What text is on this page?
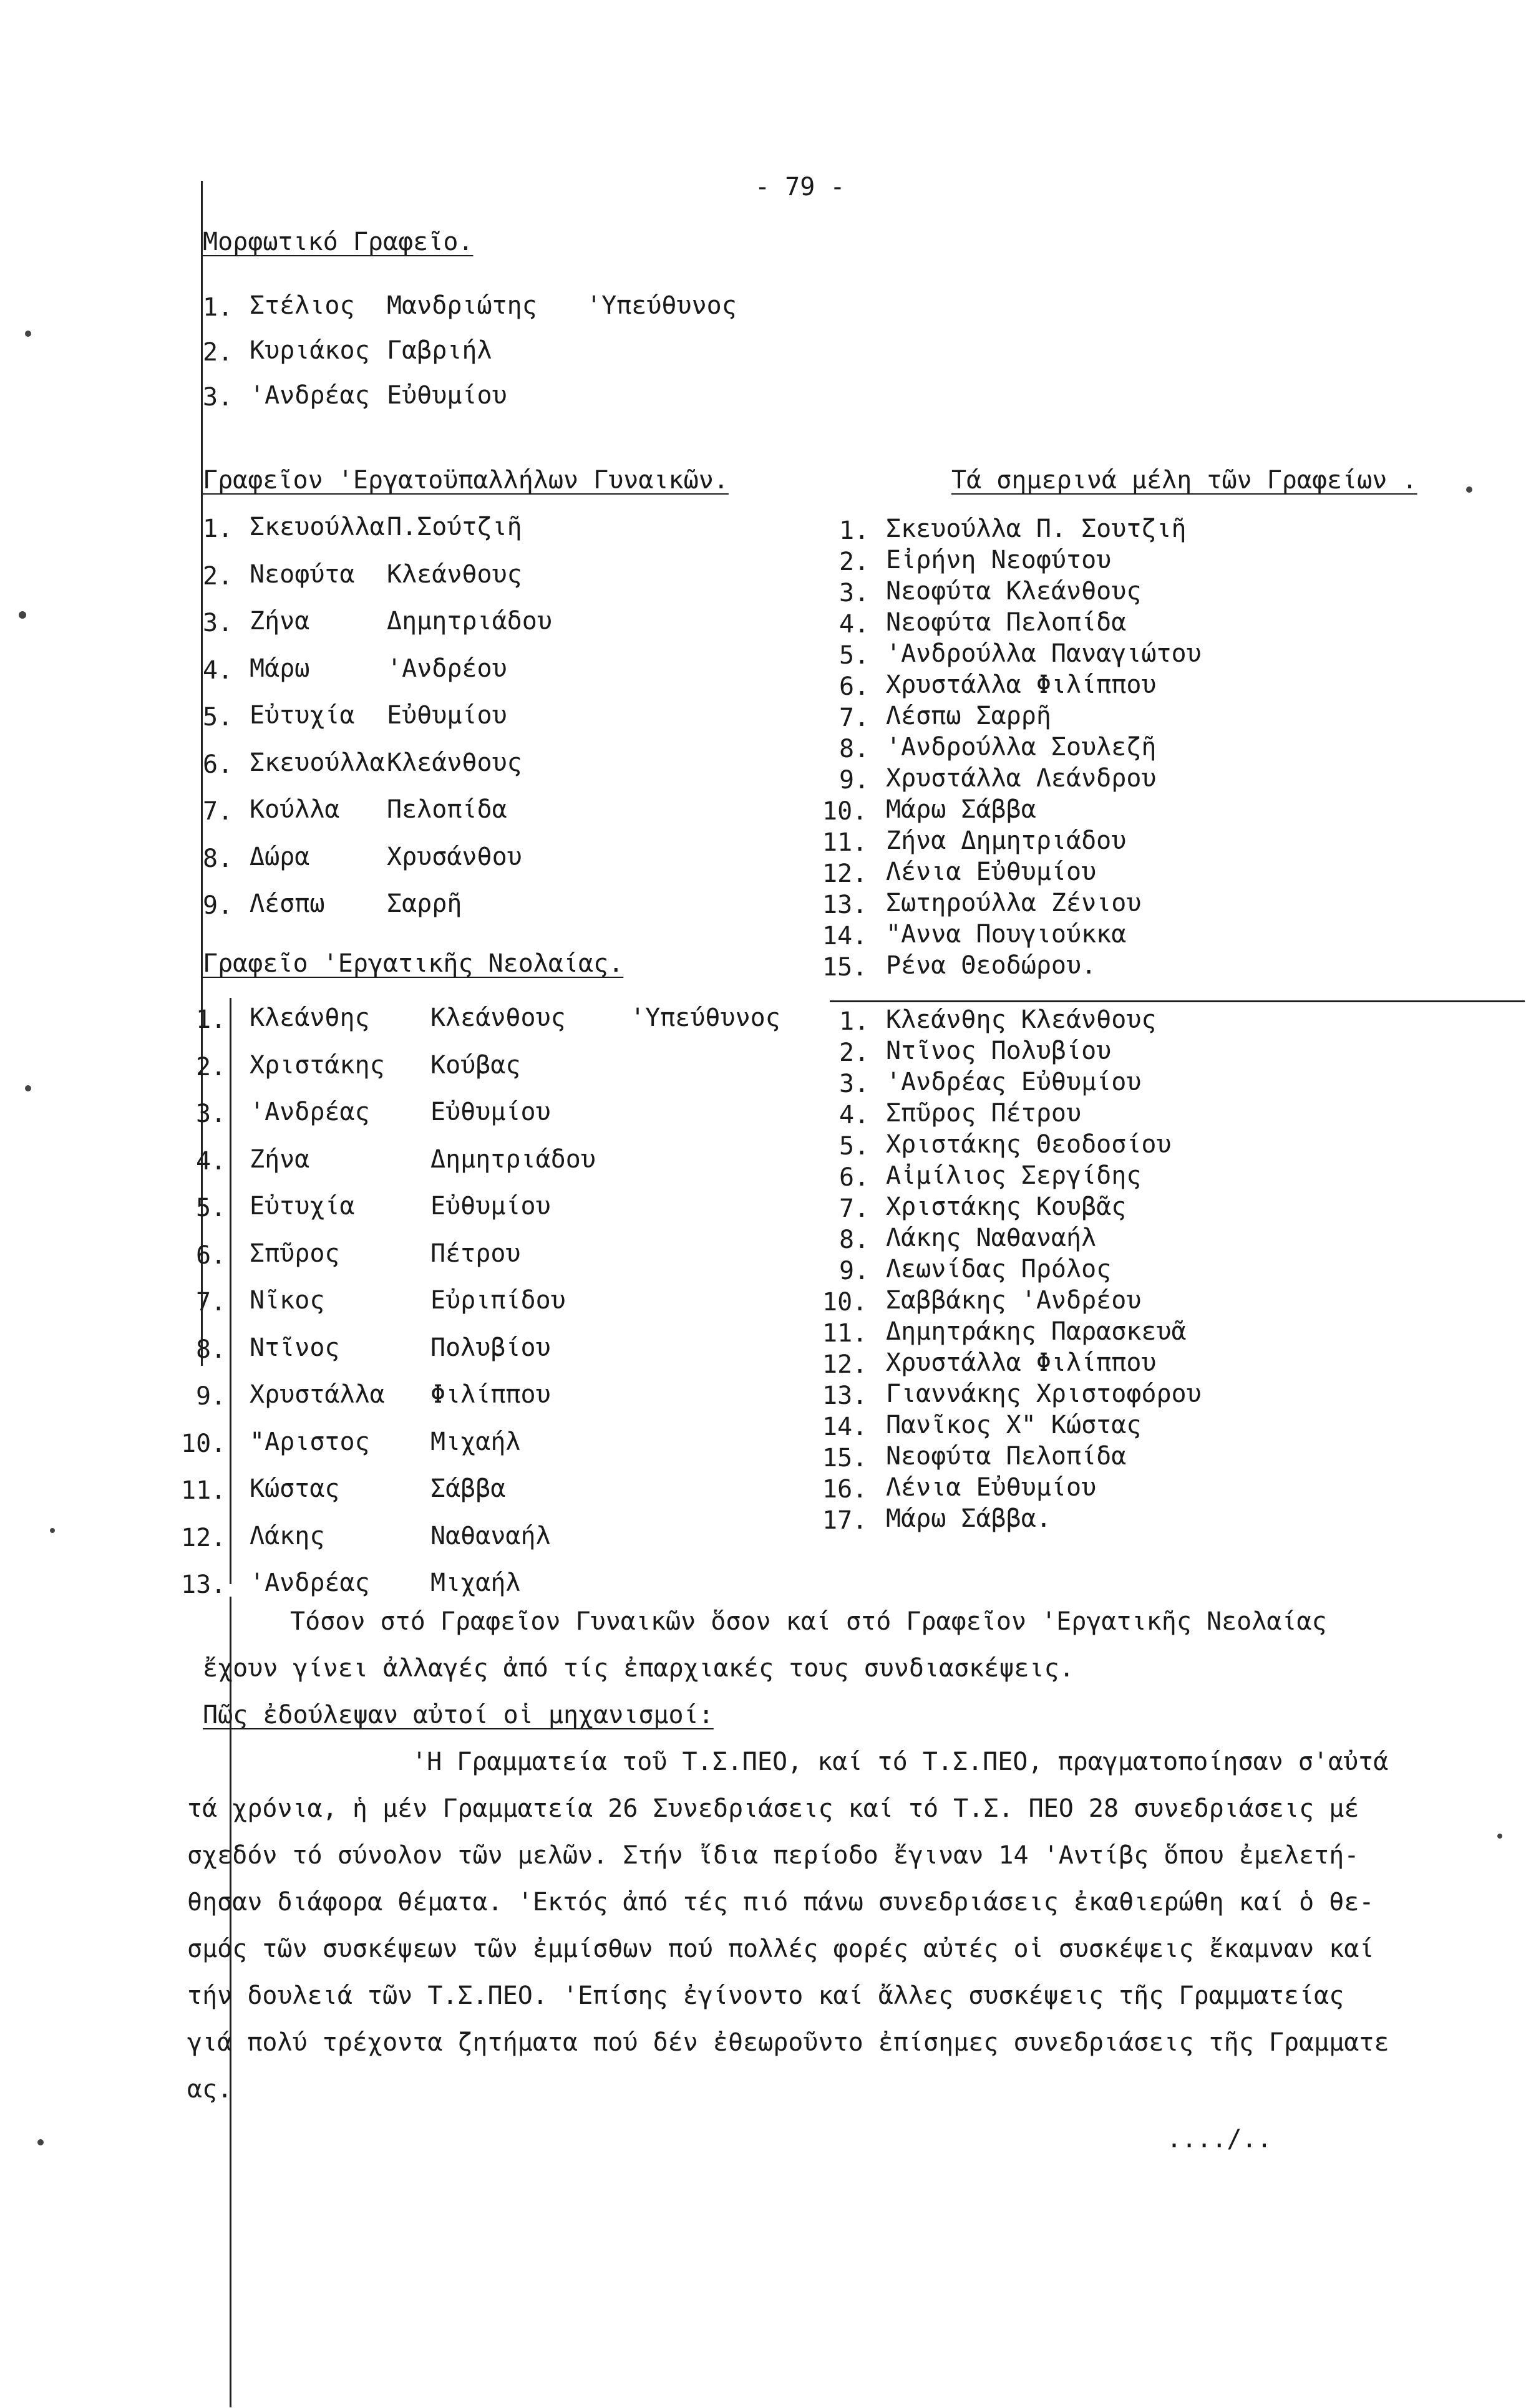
- 79 -
Μορφωτικό Γραφεῖο.
1. Στέλιος Μανδριώτης 'Υπεύθυνος
2. Κυριάκος Γαβριήλ
3. 'Ανδρέας Εὐθυμίου
Γραφεῖον 'Εργατοϋπαλλήλων Γυναικῶν.
1. Σκευούλλα Π.Σούτζιῆ
2. Νεοφύτα Κλεάνθους
3. Ζήνα	Δημητριάδου
4. Μάρω	'Ανδρέου
5. Εὐτυχία Εὐθυμίου
6. Σκευούλλα Κλεάνθους
7. Κούλλα Πελοπίδα
8. Δώρα	Χρυσάνθου
9. Λέσπω Σαρρῆ
Γραφεῖο 'Εργατικῆς Νεολαίας.
1. Κλεάνθης Κλεάνθους	'Υπεύθυνος
2. Χριστάκης Κούβας
3. 'Ανδρέας Εὐθυμίου
4. Ζήνα	Δημητριάδου
5. Εὐτυχία	Εὐθυμίου
6. Σπῦρος	Πέτρου
7. Νῖκος	Εὐριπίδου
8. Ντῖνος	Πολυβίου
9. Χρυστάλλα Φιλίππου
10. "Αριστος Μιχαήλ
11. Κώστας	Σάββα
12. Λάκης	Ναθαναήλ
13. 'Ανδρέας Μιχαήλ
Τά σημερινά μέλη τῶν Γραφείων .
1. Σκευούλλα Π. Σουτζιῆ
2. Εἰρήνη Νεοφύτου
3. Νεοφύτα Κλεάνθους
4. Νεοφύτα Πελοπίδα
5. 'Ανδρούλλα Παναγιώτου
6. Χρυστάλλα Φιλίππου
7. Λέσπω Σαρρῆ
8. 'Ανδρούλλα Σουλεζῆ
9. Χρυστάλλα Λεάνδρου
10. Μάρω Σάββα
11. Ζήνα Δημητριάδου
12. Λένια Εὐθυμίου
13. Σωτηρούλλα Ζένιου
14. "Αννα Πουγιούκκα
15. Ρένα Θεοδώρου.
1. Κλεάνθης Κλεάνθους
2. Ντῖνος Πολυβίου
3. 'Ανδρέας Εὐθυμίου
4. Σπῦρος Πέτρου
5. Χριστάκης Θεοδοσίου
6. Αἰμίλιος Σεργίδης
7. Χριστάκης Κουβᾶς
8. Λάκης Ναθαναήλ
9. Λεωνίδας Πρόλος
10. Σαββάκης 'Ανδρέου
11. Δημητράκης Παρασκευᾶ
12. Χρυστάλλα Φιλίππου
13. Γιαννάκης Χριστοφόρου
14. Πανῖκος Χ" Κώστας
15. Νεοφύτα Πελοπίδα
16. Λένια Εὐθυμίου
17. Μάρω Σάββα.
Τόσον στό Γραφεῖον Γυναικῶν ὅσον καί στό Γραφεῖον 'Εργατικῆς Νεολαίας
ἔχουν γίνει ἀλλαγές ἀπό τίς ἐπαρχιακές τους συνδιασκέψεις.
Πῶς ἐδούλεψαν αὐτοί οἱ μηχανισμοί:
'Η Γραμματεία τοῦ Τ.Σ.ΠΕΟ, καί τό Τ.Σ.ΠΕΟ, πραγματοποίησαν σ'αὐτά
τά χρόνια, ἡ μέν Γραμματεία 26 Συνεδριάσεις καί τό Τ.Σ. ΠΕΟ 28 συνεδριάσεις μέ
σχεδόν τό σύνολον τῶν μελῶν. Στήν ἴδια περίοδο ἔγιναν 14 'Αντίβς ὅπου ἐμελετή-
θησαν διάφορα θέματα. 'Εκτός ἀπό τές πιό πάνω συνεδριάσεις ἐκαθιερώθη καί ὁ θε-
σμός τῶν συσκέψεων τῶν ἐμμίσθων πού πολλές φορές αὐτές οἱ συσκέψεις ἔκαμναν καί
τήν δουλειά τῶν Τ.Σ.ΠΕΟ. 'Επίσης ἐγίνοντο καί ἄλλες συσκέψεις τῆς Γραμματείας
γιά πολύ τρέχοντα ζητήματα πού δέν ἐθεωροῦντο ἐπίσημες συνεδριάσεις τῆς Γραμματε
ας.
..../..
